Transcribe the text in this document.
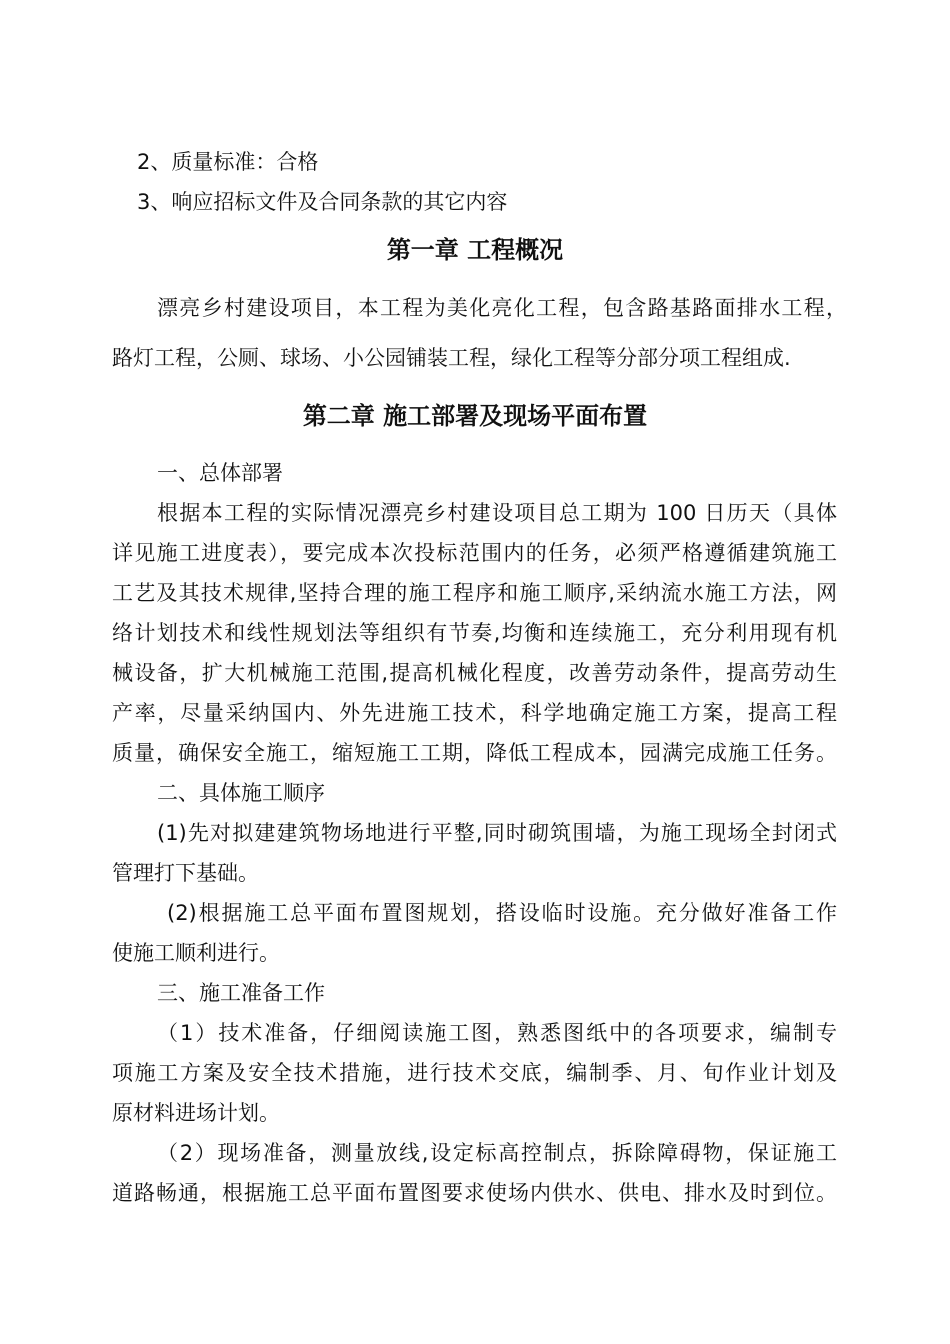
2、质量标准：合格
3、响应招标文件及合同条款的其它内容
第一章 工程概况
漂亮乡村建设项目，本工程为美化亮化工程，包含路基路面排水工程，
路灯工程，公厕、球场、小公园铺装工程，绿化工程等分部分项工程组成.
第二章 施工部署及现场平面布置
一、总体部署
根据本工程的实际情况漂亮乡村建设项目总工期为 100 日历天（具体
详见施工进度表），要完成本次投标范围内的任务，必须严格遵循建筑施工
工艺及其技术规律,坚持合理的施工程序和施工顺序,采纳流水施工方法，网
络计划技术和线性规划法等组织有节奏,均衡和连续施工，充分利用现有机
械设备，扩大机械施工范围,提高机械化程度，改善劳动条件，提高劳动生
产率，尽量采纳国内、外先进施工技术，科学地确定施工方案，提高工程
质量，确保安全施工，缩短施工工期，降低工程成本，园满完成施工任务。
二、具体施工顺序
(1)先对拟建建筑物场地进行平整,同时砌筑围墙，为施工现场全封闭式
管理打下基础。
(2)根据施工总平面布置图规划，搭设临时设施。充分做好准备工作
使施工顺利进行。
三、施工准备工作
（1）技术准备，仔细阅读施工图，熟悉图纸中的各项要求，编制专
项施工方案及安全技术措施，进行技术交底，编制季、月、旬作业计划及
原材料进场计划。
（2）现场准备，测量放线,设定标高控制点，拆除障碍物，保证施工
道路畅通，根据施工总平面布置图要求使场内供水、供电、排水及时到位。
